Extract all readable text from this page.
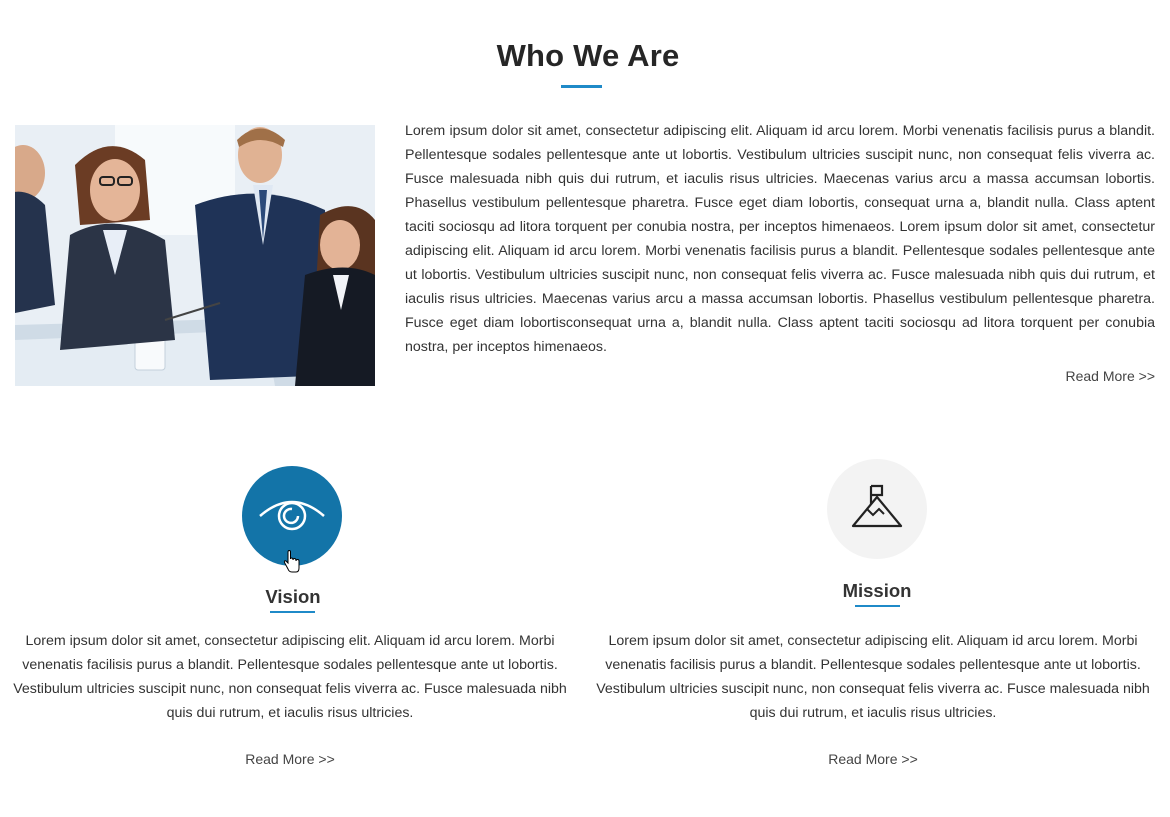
Who We Are

Lorem ipsum dolor sit amet, consectetur adipiscing elit. Aliquam id arcu lorem. Morbi venenatis facilisis purus a blandit. Pellentesque sodales pellentesque ante ut lobortis. Vestibulum ultricies suscipit nunc, non consequat felis viverra ac. Fusce malesuada nibh quis dui rutrum, et iaculis risus ultricies. Maecenas varius arcu a massa accumsan lobortis. Phasellus vestibulum pellentesque pharetra. Fusce eget diam lobortis, consequat urna a, blandit nulla. Class aptent taciti sociosqu ad litora torquent per conubia nostra, per inceptos himenaeos. Lorem ipsum dolor sit amet, consectetur adipiscing elit. Aliquam id arcu lorem. Morbi venenatis facilisis purus a blandit. Pellentesque sodales pellentesque ante ut lobortis. Vestibulum ultricies suscipit nunc, non consequat felis viverra ac. Fusce malesuada nibh quis dui rutrum, et iaculis risus ultricies. Maecenas varius arcu a massa accumsan lobortis. Phasellus vestibulum pellentesque pharetra. Fusce eget diam lobortisconsequat urna a, blandit nulla. Class aptent taciti sociosqu ad litora torquent per conubia nostra, per inceptos himenaeos.

Read More >>
Vision

Lorem ipsum dolor sit amet, consectetur adipiscing elit. Aliquam id arcu lorem. Morbi venenatis facilisis purus a blandit. Pellentesque sodales pellentesque ante ut lobortis. Vestibulum ultricies suscipit nunc, non consequat felis viverra ac. Fusce malesuada nibh quis dui rutrum, et iaculis risus ultricies.

Read More >>
Mission

Lorem ipsum dolor sit amet, consectetur adipiscing elit. Aliquam id arcu lorem. Morbi venenatis facilisis purus a blandit. Pellentesque sodales pellentesque ante ut lobortis. Vestibulum ultricies suscipit nunc, non consequat felis viverra ac. Fusce malesuada nibh quis dui rutrum, et iaculis risus ultricies.

Read More >>
